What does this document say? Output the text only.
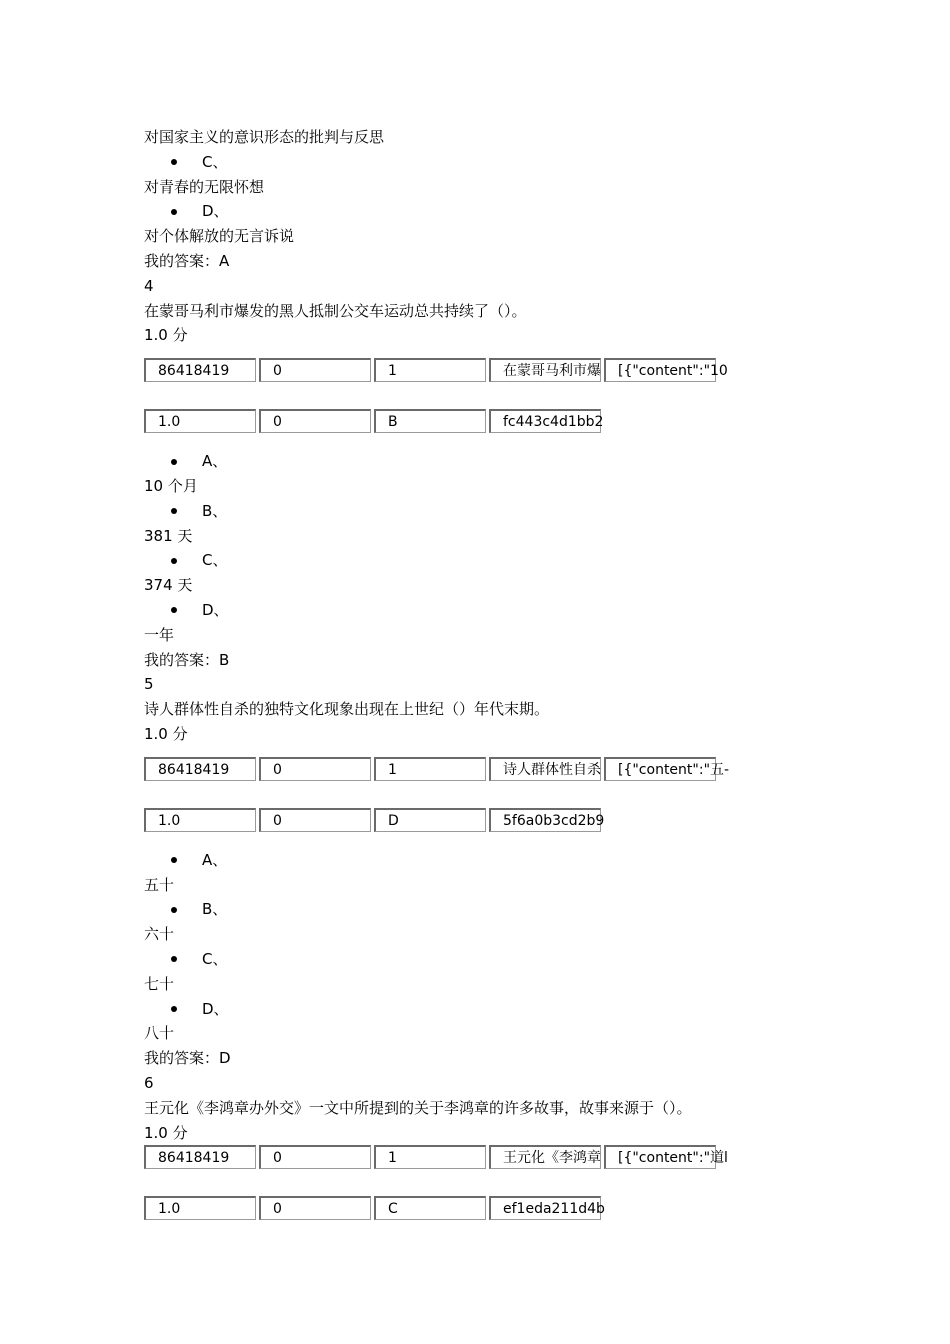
对国家主义的意识形态的批判与反思
C、
对青春的无限怀想
D、
对个体解放的无言诉说
我的答案：A
4
在蒙哥马利市爆发的黑人抵制公交车运动总共持续了（）。
1.0 分
86418419	0	1	在蒙哥马利市爆	[{"content":"10
1.0	0	B	fc443c4d1bb2
A、
10 个月
B、
381 天
C、
374 天
D、
一年
我的答案：B
5
诗人群体性自杀的独特文化现象出现在上世纪（）年代末期。
1.0 分
86418419	0	1	诗人群体性自杀	[{"content":"五-
1.0	0	D	5f6a0b3cd2b9
A、
五十
B、
六十
C、
七十
D、
八十
我的答案：D
6
王元化《李鸿章办外交》一文中所提到的关于李鸿章的许多故事，故事来源于（）。
1.0 分
86418419	0	1	王元化《李鸿章	[{"content":"道l
1.0	0	C	ef1eda211d4b
